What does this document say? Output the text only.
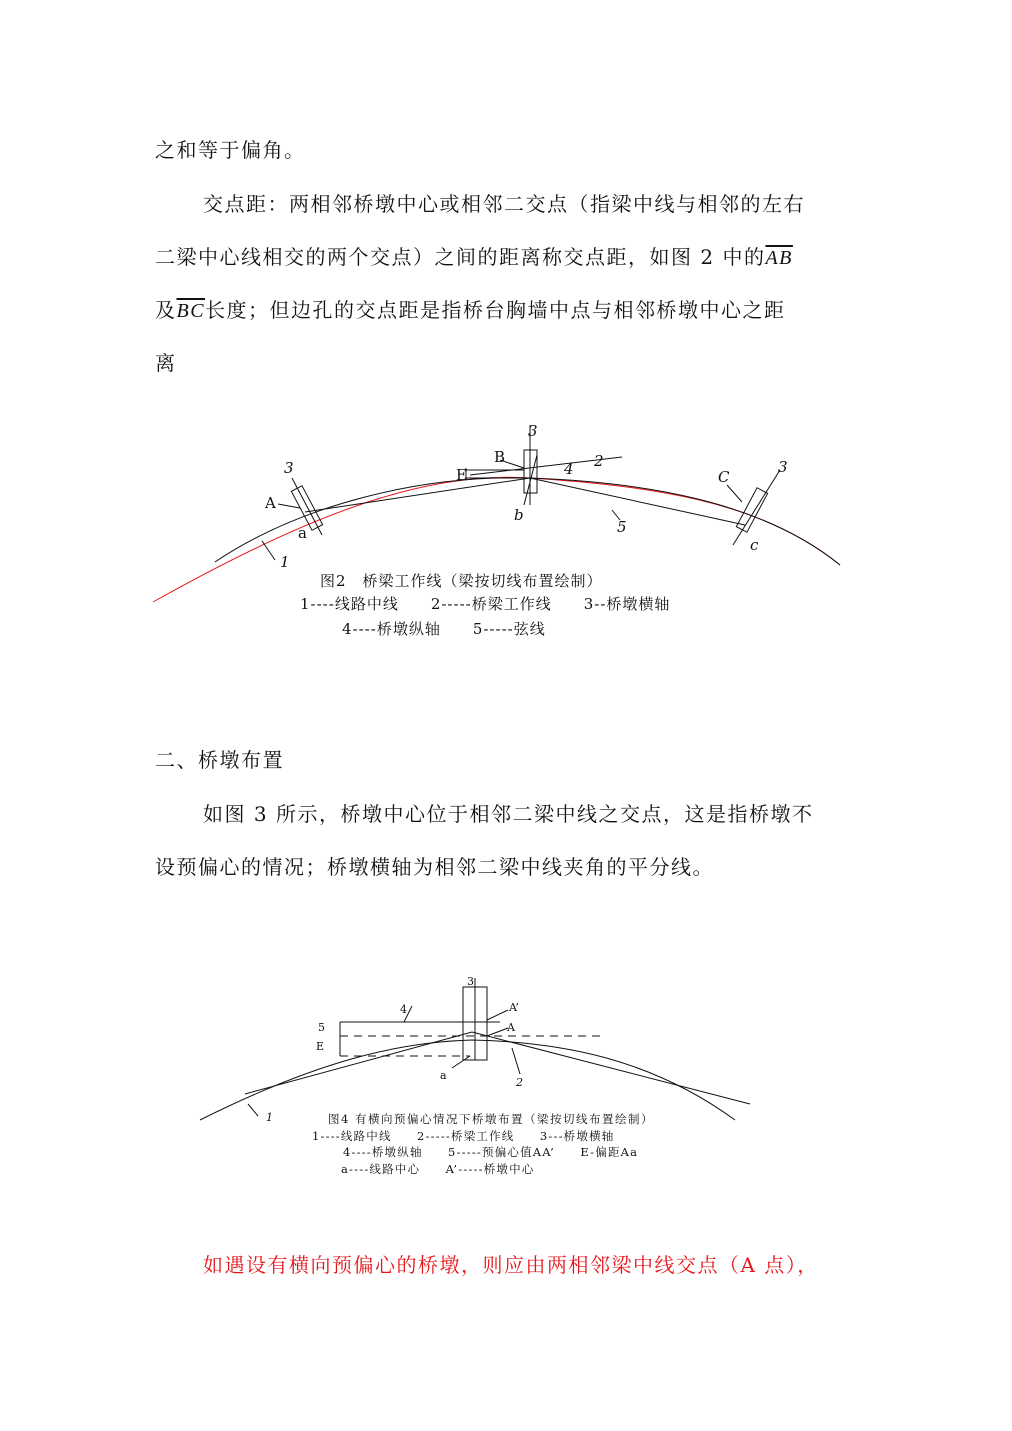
之和等于偏角。

交点距：两相邻桥墩中心或相邻二交点（指梁中线与相邻的左右

二梁中心线相交的两个交点）之间的距离称交点距，如图 2 中的$\overline{AB}$

及$\overline{BC}$长度；但边孔的交点距是指桥台胸墙中点与相邻桥墩中心之距

离

二、桥墩布置

如图 3 所示，桥墩中心位于相邻二梁中线之交点，这是指桥墩不

设预偏心的情况；桥墩横轴为相邻二梁中线夹角的平分线。

如遇设有横向预偏心的桥墩，则应由两相邻梁中线交点（A 点），

3
A
a
1
3
B
E	4 2
b
5
C
3
c
图2　桥梁工作线（梁按切线布置绘制）
1----线路中线　　2-----桥梁工作线　　3--桥墩横轴
4----桥墩纵轴　　5-----弦线
3
4	A’
A
5
E
a
2
1	图4 有横向预偏心情况下桥墩布置（梁按切线布置绘制）
1----线路中线　　2-----桥梁工作线　　3---桥墩横轴
4----桥墩纵轴　　5-----预偏心值AA’　　E-偏距Aa
a----线路中心　　A’-----桥墩中心
